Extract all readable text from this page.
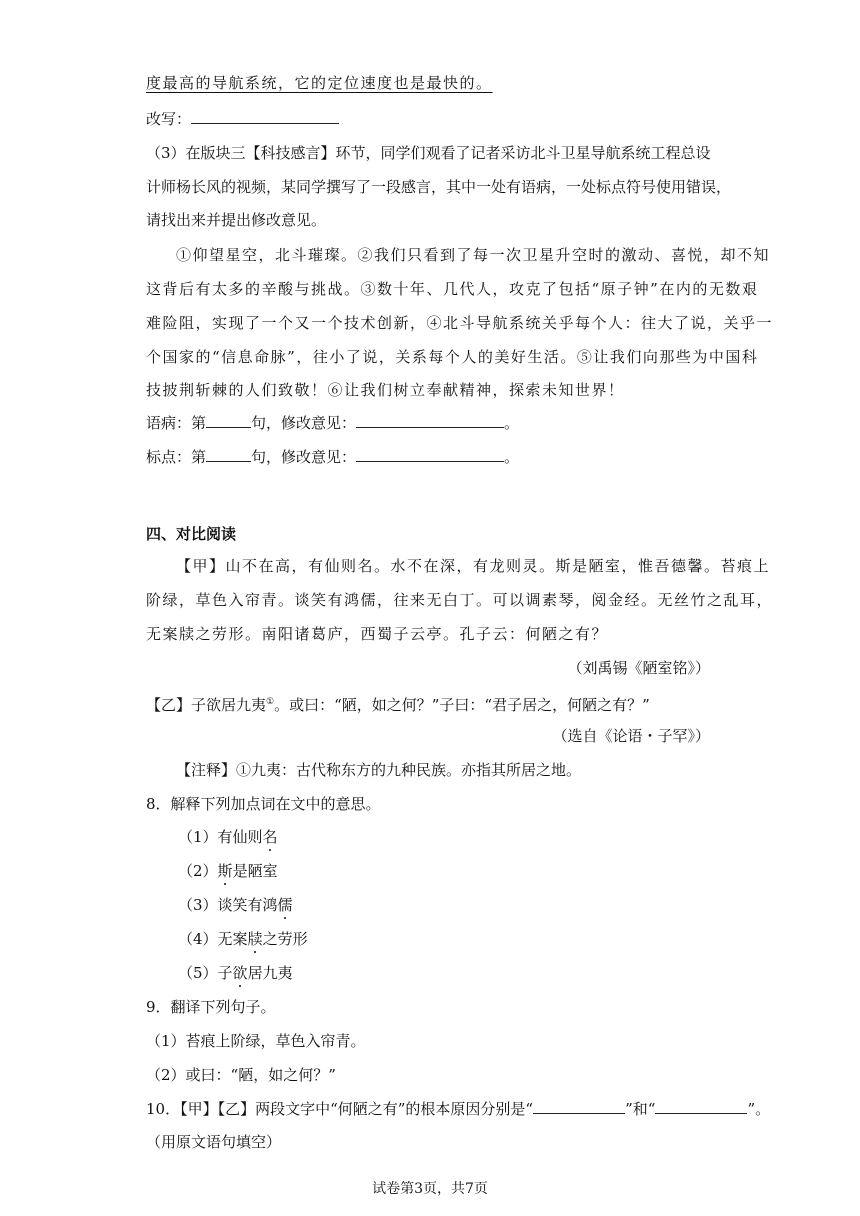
度最高的导航系统，它的定位速度也是最快的。
改写：
（3）在版块三【科技感言】环节，同学们观看了记者采访北斗卫星导航系统工程总设
计师杨长风的视频，某同学撰写了一段感言，其中一处有语病，一处标点符号使用错误，
请找出来并提出修改意见。
①仰望星空，北斗璀璨。②我们只看到了每一次卫星升空时的激动、喜悦，却不知
这背后有太多的辛酸与挑战。③数十年、几代人，攻克了包括“原子钟”在内的无数艰
难险阻，实现了一个又一个技术创新，④北斗导航系统关乎每个人：往大了说，关乎一
个国家的“信息命脉”，往小了说，关系每个人的美好生活。⑤让我们向那些为中国科
技披荆斩棘的人们致敬！⑥让我们树立奉献精神，探索未知世界！
语病：第	句，修改意见：	。
标点：第	句，修改意见：	。
四、对比阅读
【甲】山不在高，有仙则名。水不在深，有龙则灵。斯是陋室，惟吾德馨。苔痕上
阶绿，草色入帘青。谈笑有鸿儒，往来无白丁。可以调素琴，阅金经。无丝竹之乱耳，
无案牍之劳形。南阳诸葛庐，西蜀子云亭。孔子云：何陋之有？
（刘禹锡《陋室铭》）
【乙】子欲居九夷①。或曰：“陋，如之何？”子曰：“君子居之，何陋之有？”
（选自《论语・子罕》）
【注释】①九夷：古代称东方的九种民族。亦指其所居之地。
8．解释下列加点词在文中的意思。
（1）有仙则名
（2）斯是陋室
（3）谈笑有鸿儒
（4）无案牍之劳形
（5）子欲居九夷
9．翻译下列句子。
（1）苔痕上阶绿，草色入帘青。
（2）或曰：“陋，如之何？”
10．【甲】【乙】两段文字中“何陋之有”的根本原因分别是“	”和“	”。
（用原文语句填空）
试卷第3页，共7页
